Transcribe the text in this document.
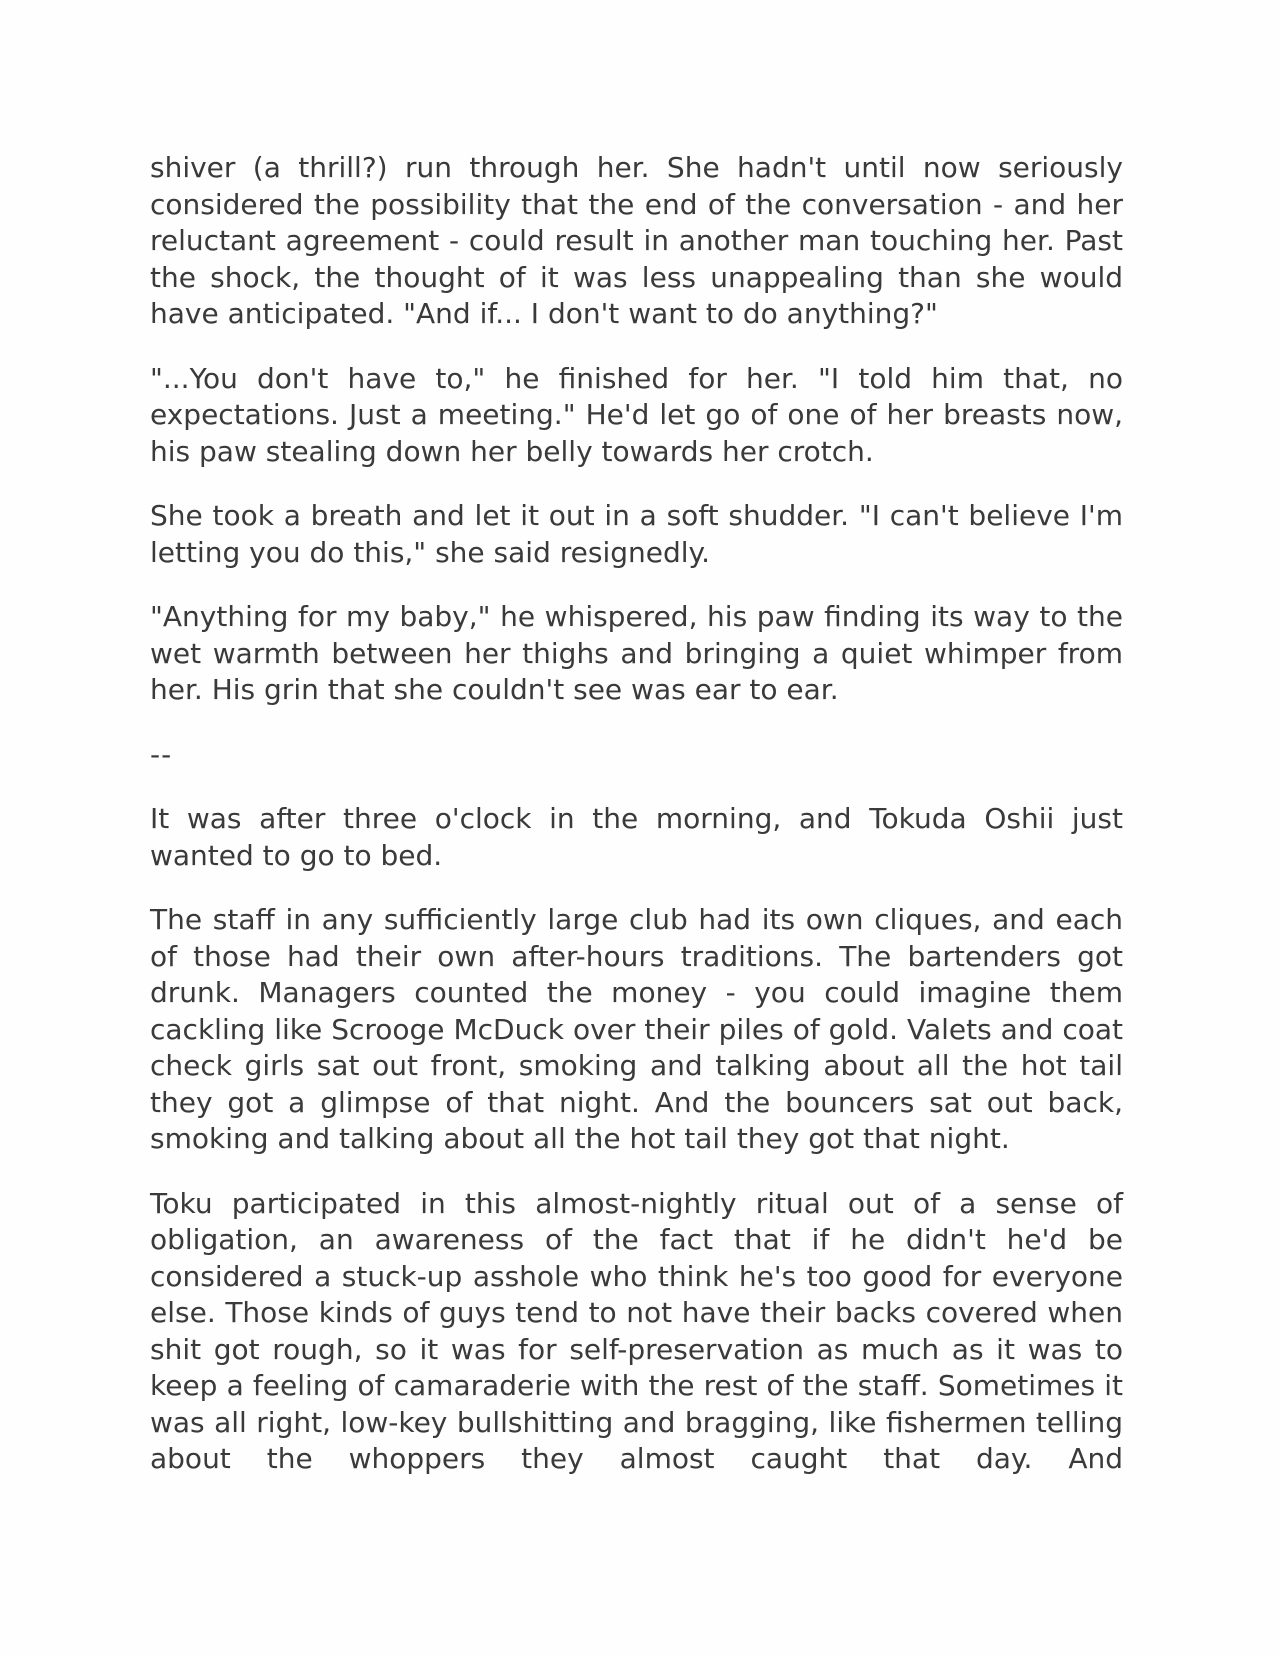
shiver (a thrill?) run through her. She hadn't until now seriously considered the possibility that the end of the conversation - and her reluctant agreement - could result in another man touching her. Past the shock, the thought of it was less unappealing than she would have anticipated. "And if... I don't want to do anything?"

"...You don't have to," he finished for her. "I told him that, no expectations. Just a meeting." He'd let go of one of her breasts now, his paw stealing down her belly towards her crotch.

She took a breath and let it out in a soft shudder. "I can't believe I'm letting you do this," she said resignedly.

"Anything for my baby," he whispered, his paw finding its way to the wet warmth between her thighs and bringing a quiet whimper from her. His grin that she couldn't see was ear to ear.

--

It was after three o'clock in the morning, and Tokuda Oshii just wanted to go to bed.

The staff in any sufficiently large club had its own cliques, and each of those had their own after-hours traditions. The bartenders got drunk. Managers counted the money - you could imagine them cackling like Scrooge McDuck over their piles of gold. Valets and coat check girls sat out front, smoking and talking about all the hot tail they got a glimpse of that night. And the bouncers sat out back, smoking and talking about all the hot tail they got that night.

Toku participated in this almost-nightly ritual out of a sense of obligation, an awareness of the fact that if he didn't he'd be considered a stuck-up asshole who think he's too good for everyone else. Those kinds of guys tend to not have their backs covered when shit got rough, so it was for self-preservation as much as it was to keep a feeling of camaraderie with the rest of the staff. Sometimes it was all right, low-key bullshitting and bragging, like fishermen telling about the whoppers they almost caught that day. And
